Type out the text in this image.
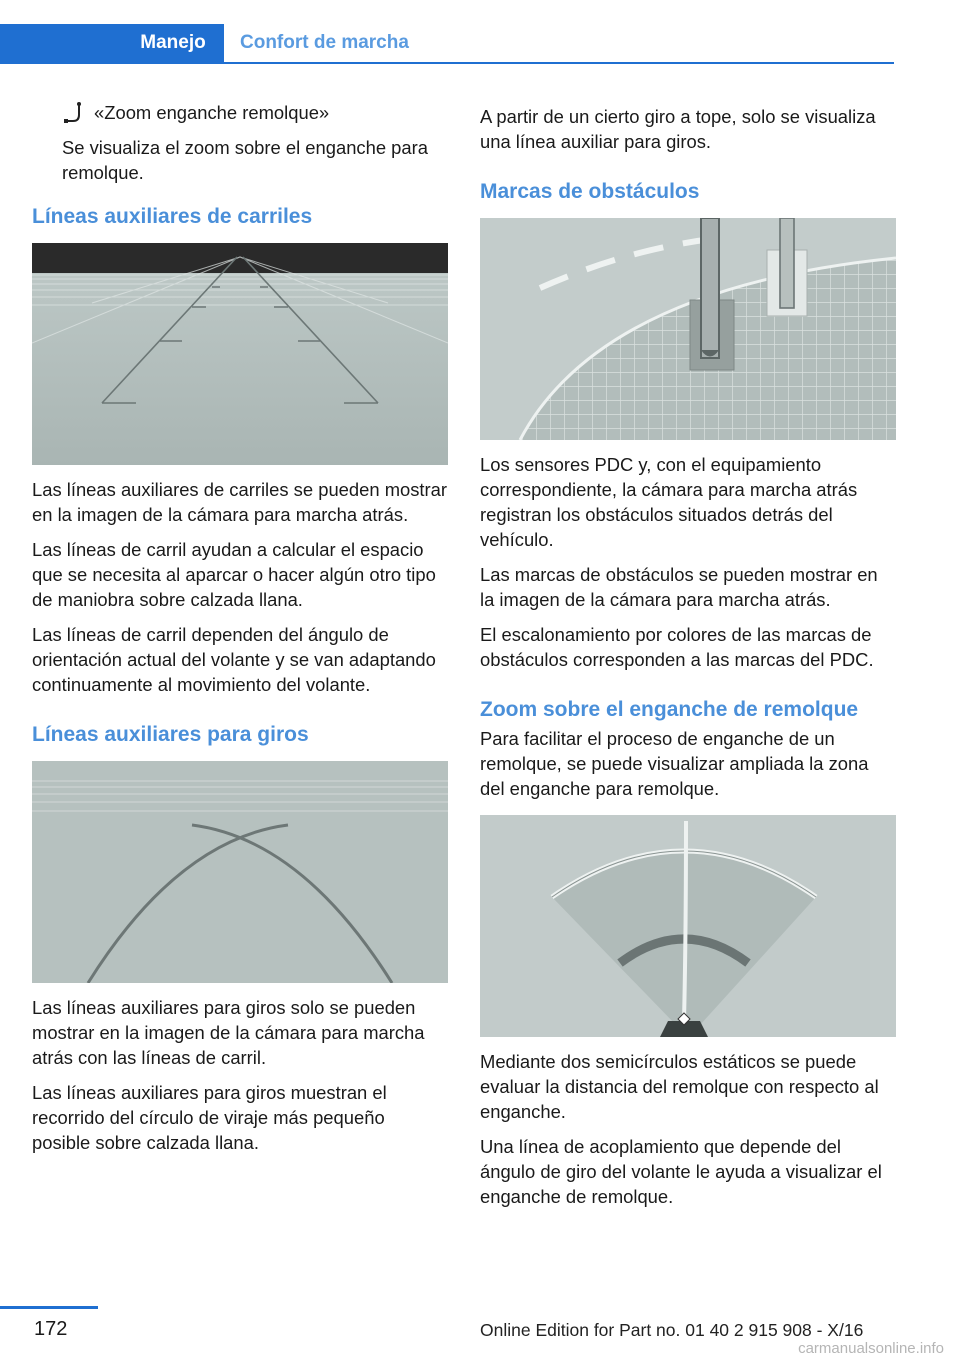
Manejo	Confort de marcha
«Zoom enganche remolque»

Se visualiza el zoom sobre el enganche para remolque.

Líneas auxiliares de carriles

Las líneas auxiliares de carriles se pueden mostrar en la imagen de la cámara para marcha atrás.

Las líneas de carril ayudan a calcular el espacio que se necesita al aparcar o hacer algún otro tipo de maniobra sobre calzada llana.

Las líneas de carril dependen del ángulo de orientación actual del volante y se van adaptando continuamente al movimiento del volante.

Líneas auxiliares para giros

Las líneas auxiliares para giros solo se pueden mostrar en la imagen de la cámara para marcha atrás con las líneas de carril.

Las líneas auxiliares para giros muestran el recorrido del círculo de viraje más pequeño posible sobre calzada llana.

A partir de un cierto giro a tope, solo se visualiza una línea auxiliar para giros.

Marcas de obstáculos

Los sensores PDC y, con el equipamiento correspondiente, la cámara para marcha atrás registran los obstáculos situados detrás del vehículo.

Las marcas de obstáculos se pueden mostrar en la imagen de la cámara para marcha atrás.

El escalonamiento por colores de las marcas de obstáculos corresponden a las marcas del PDC.

Zoom sobre el enganche de remolque

Para facilitar el proceso de enganche de un remolque, se puede visualizar ampliada la zona del enganche para remolque.

Mediante dos semicírculos estáticos se puede evaluar la distancia del remolque con respecto al enganche.

Una línea de acoplamiento que depende del ángulo de giro del volante le ayuda a visualizar el enganche de remolque.

172	Online Edition for Part no. 01 40 2 915 908 - X/16
carmanualsonline.info
